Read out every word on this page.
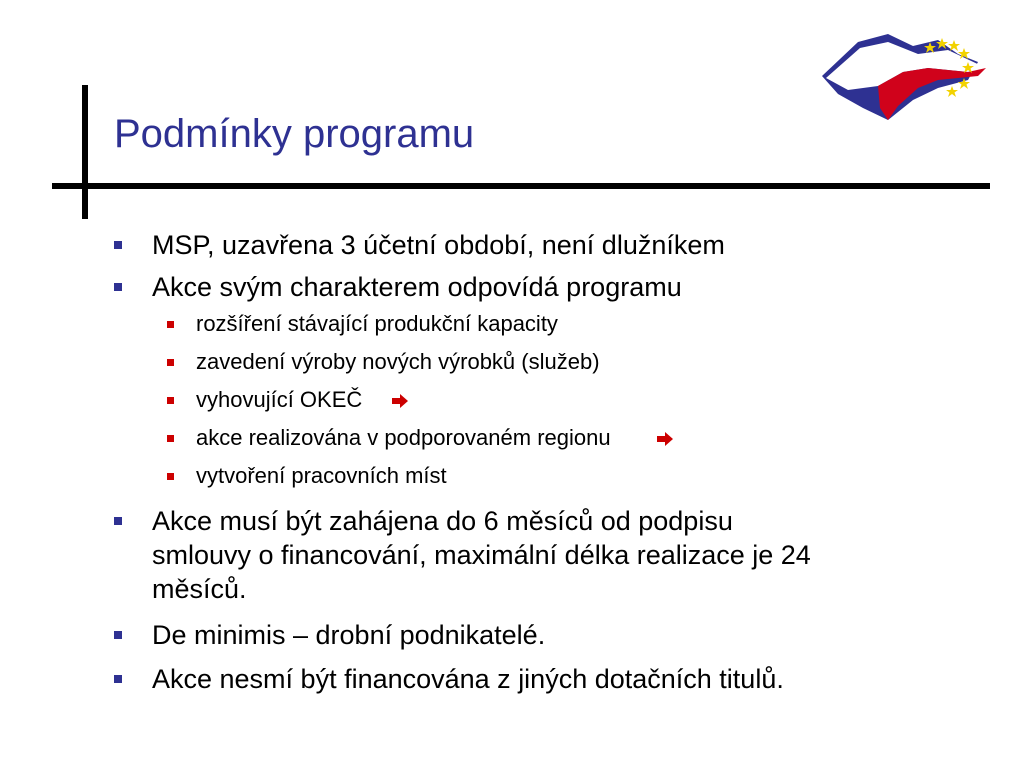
Podmínky programu
MSP, uzavřena 3 účetní období, není dlužníkem
Akce svým charakterem odpovídá programu
rozšíření stávající produkční kapacity
zavedení výroby nových výrobků (služeb)
vyhovující OKEČ
akce realizována v podporovaném regionu
vytvoření pracovních míst
Akce musí být zahájena do 6 měsíců od podpisu
smlouvy o financování, maximální délka realizace je 24
měsíců.
De minimis – drobní podnikatelé.
Akce nesmí být financována z jiných dotačních titulů.
